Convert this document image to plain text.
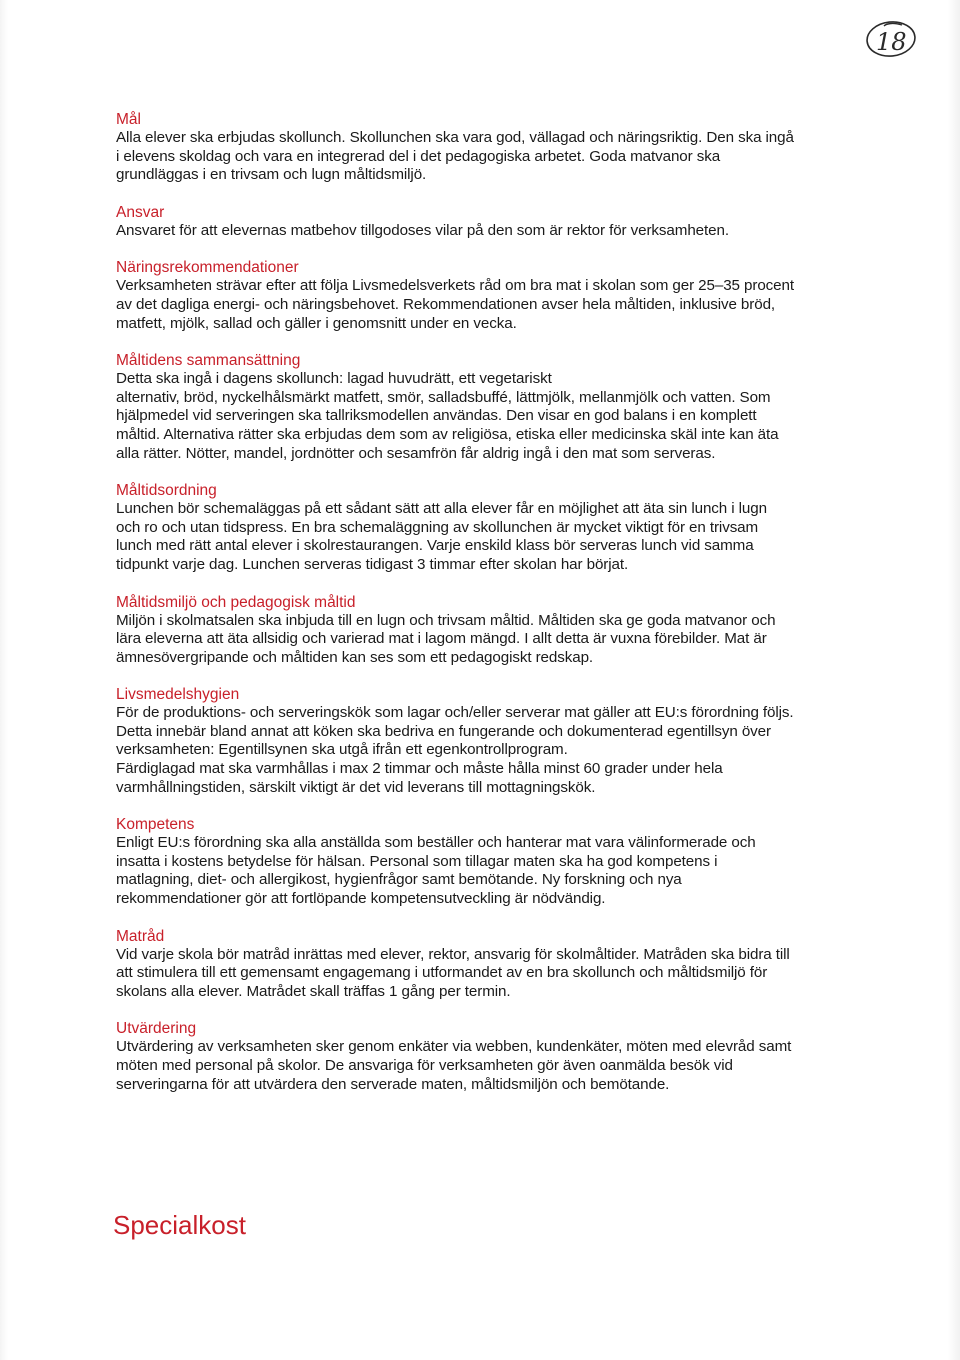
18
Mål
Alla elever ska erbjudas skollunch. Skollunchen ska vara god, vällagad och näringsriktig. Den ska ingå
i elevens skoldag och vara en integrerad del i det pedagogiska arbetet. Goda matvanor ska
grundläggas i en trivsam och lugn måltidsmiljö.
Ansvar
Ansvaret för att elevernas matbehov tillgodoses vilar på den som är rektor för verksamheten.
Näringsrekommendationer
Verksamheten strävar efter att följa Livsmedelsverkets råd om bra mat i skolan som ger 25–35 procent
av det dagliga energi- och näringsbehovet. Rekommendationen avser hela måltiden, inklusive bröd,
matfett, mjölk, sallad och gäller i genomsnitt under en vecka.
Måltidens sammansättning
Detta ska ingå i dagens skollunch: lagad huvudrätt, ett vegetariskt
alternativ, bröd, nyckelhålsmärkt matfett, smör, salladsbuffé, lättmjölk, mellanmjölk och vatten. Som
hjälpmedel vid serveringen ska tallriksmodellen användas. Den visar en god balans i en komplett
måltid. Alternativa rätter ska erbjudas dem som av religiösa, etiska eller medicinska skäl inte kan äta
alla rätter. Nötter, mandel, jordnötter och sesamfrön får aldrig ingå i den mat som serveras.
Måltidsordning
Lunchen bör schemaläggas på ett sådant sätt att alla elever får en möjlighet att äta sin lunch i lugn
och ro och utan tidspress. En bra schemaläggning av skollunchen är mycket viktigt för en trivsam
lunch med rätt antal elever i skolrestaurangen. Varje enskild klass bör serveras lunch vid samma
tidpunkt varje dag. Lunchen serveras tidigast 3 timmar efter skolan har börjat.
Måltidsmiljö och pedagogisk måltid
Miljön i skolmatsalen ska inbjuda till en lugn och trivsam måltid. Måltiden ska ge goda matvanor och
lära eleverna att äta allsidig och varierad mat i lagom mängd. I allt detta är vuxna förebilder. Mat är
ämnesövergripande och måltiden kan ses som ett pedagogiskt redskap.
Livsmedelshygien
För de produktions- och serveringskök som lagar och/eller serverar mat gäller att EU:s förordning följs.
Detta innebär bland annat att köken ska bedriva en fungerande och dokumenterad egentillsyn över
verksamheten: Egentillsynen ska utgå ifrån ett egenkontrollprogram.
Färdiglagad mat ska varmhållas i max 2 timmar och måste hålla minst 60 grader under hela
varmhållningstiden, särskilt viktigt är det vid leverans till mottagningskök.
Kompetens
Enligt EU:s förordning ska alla anställda som beställer och hanterar mat vara välinformerade och
insatta i kostens betydelse för hälsan. Personal som tillagar maten ska ha god kompetens i
matlagning, diet- och allergikost, hygienfrågor samt bemötande. Ny forskning och nya
rekommendationer gör att fortlöpande kompetensutveckling är nödvändig.
Matråd
Vid varje skola bör matråd inrättas med elever, rektor, ansvarig för skolmåltider. Matråden ska bidra till
att stimulera till ett gemensamt engagemang i utformandet av en bra skollunch och måltidsmiljö för
skolans alla elever. Matrådet skall träffas 1 gång per termin.
Utvärdering
Utvärdering av verksamheten sker genom enkäter via webben, kundenkäter, möten med elevråd samt
möten med personal på skolor. De ansvariga för verksamheten gör även oanmälda besök vid
serveringarna för att utvärdera den serverade maten, måltidsmiljön och bemötande.
Specialkost
